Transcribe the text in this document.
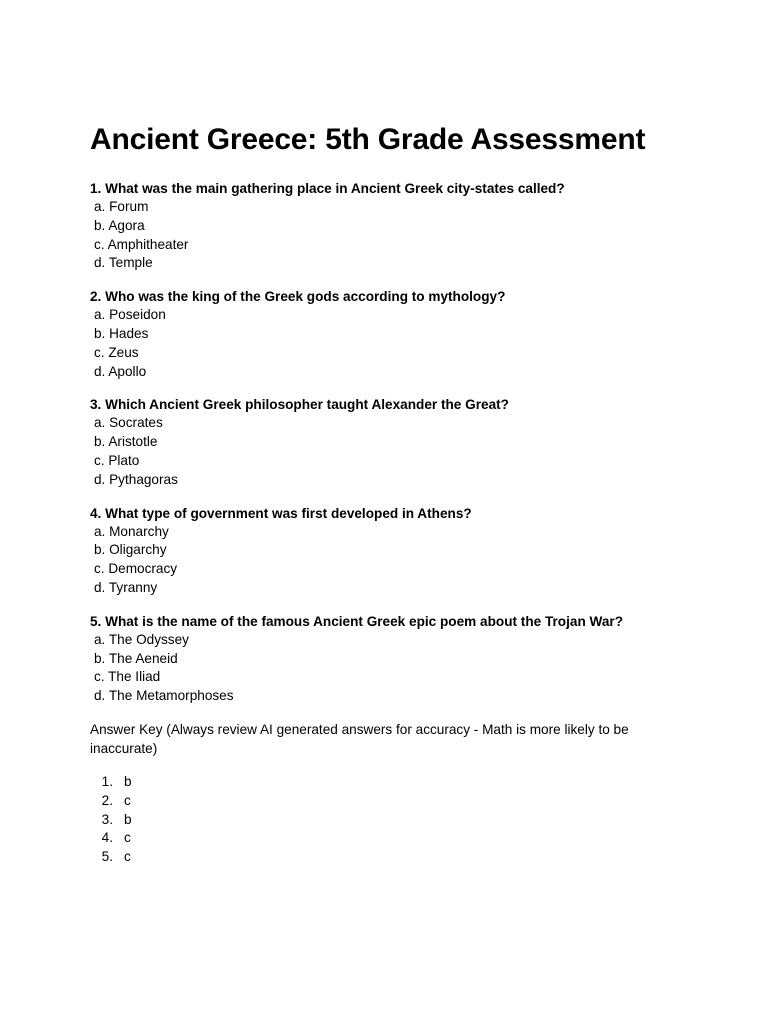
Ancient Greece: 5th Grade Assessment

1. What was the main gathering place in Ancient Greek city-states called?

a. Forum
b. Agora
c. Amphitheater
d. Temple

2. Who was the king of the Greek gods according to mythology?

a. Poseidon
b. Hades
c. Zeus
d. Apollo

3. Which Ancient Greek philosopher taught Alexander the Great?

a. Socrates
b. Aristotle
c. Plato
d. Pythagoras

4. What type of government was first developed in Athens?

a. Monarchy
b. Oligarchy
c. Democracy
d. Tyranny

5. What is the name of the famous Ancient Greek epic poem about the Trojan War?

a. The Odyssey
b. The Aeneid
c. The Iliad
d. The Metamorphoses

Answer Key (Always review AI generated answers for accuracy - Math is more likely to be inaccurate)

1. b
2. c
3. b
4. c
5. c
